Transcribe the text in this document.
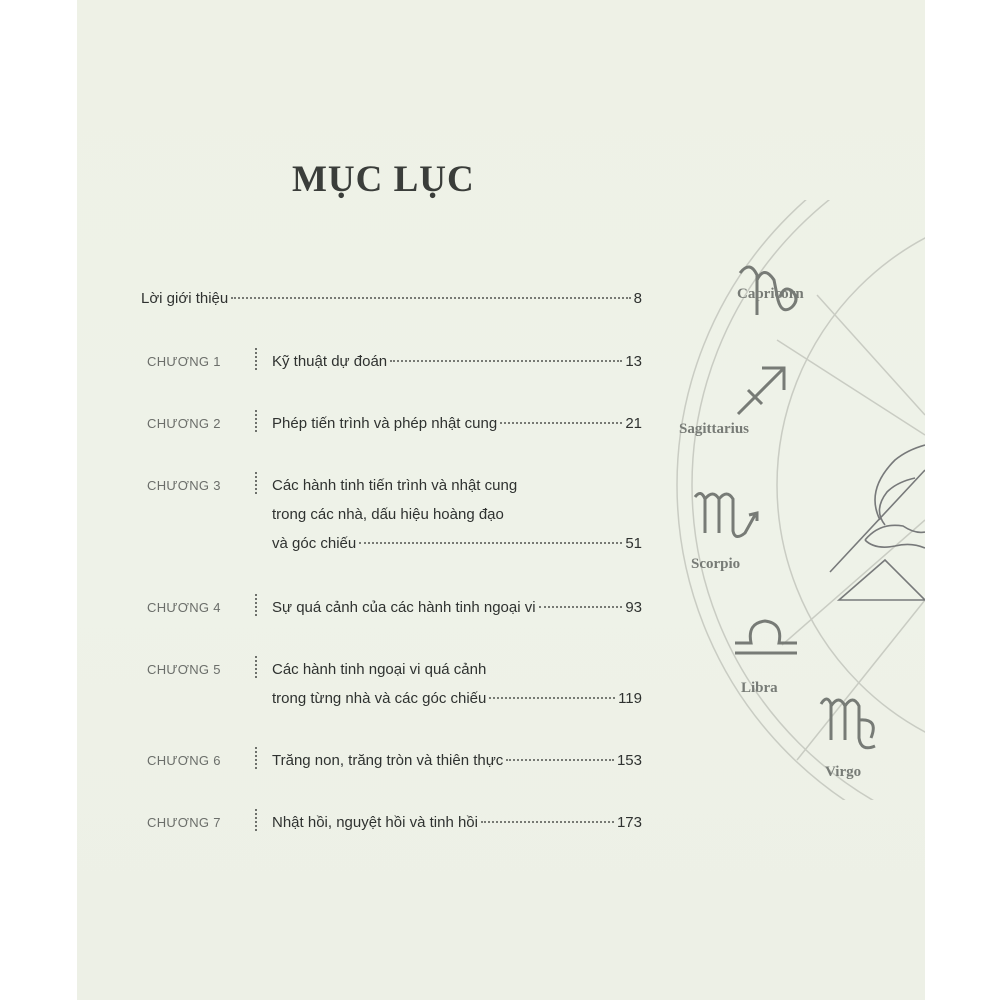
MỤC LỤC
Lời giới thiệu	8
CHƯƠNG 1	Kỹ thuật dự đoán	13
CHƯƠNG 2	Phép tiến trình và phép nhật cung	21
CHƯƠNG 3	Các hành tinh tiến trình và nhật cung
trong các nhà, dấu hiệu hoàng đạo
và góc chiếu	51
CHƯƠNG 4	Sự quá cảnh của các hành tinh ngoại vi	93
CHƯƠNG 5	Các hành tinh ngoại vi quá cảnh
trong từng nhà và các góc chiếu	119
CHƯƠNG 6	Trăng non, trăng tròn và thiên thực	153
CHƯƠNG 7	Nhật hồi, nguyệt hồi và tinh hồi	173
Capricorn
Sagittarius
Scorpio
Libra
Virgo
